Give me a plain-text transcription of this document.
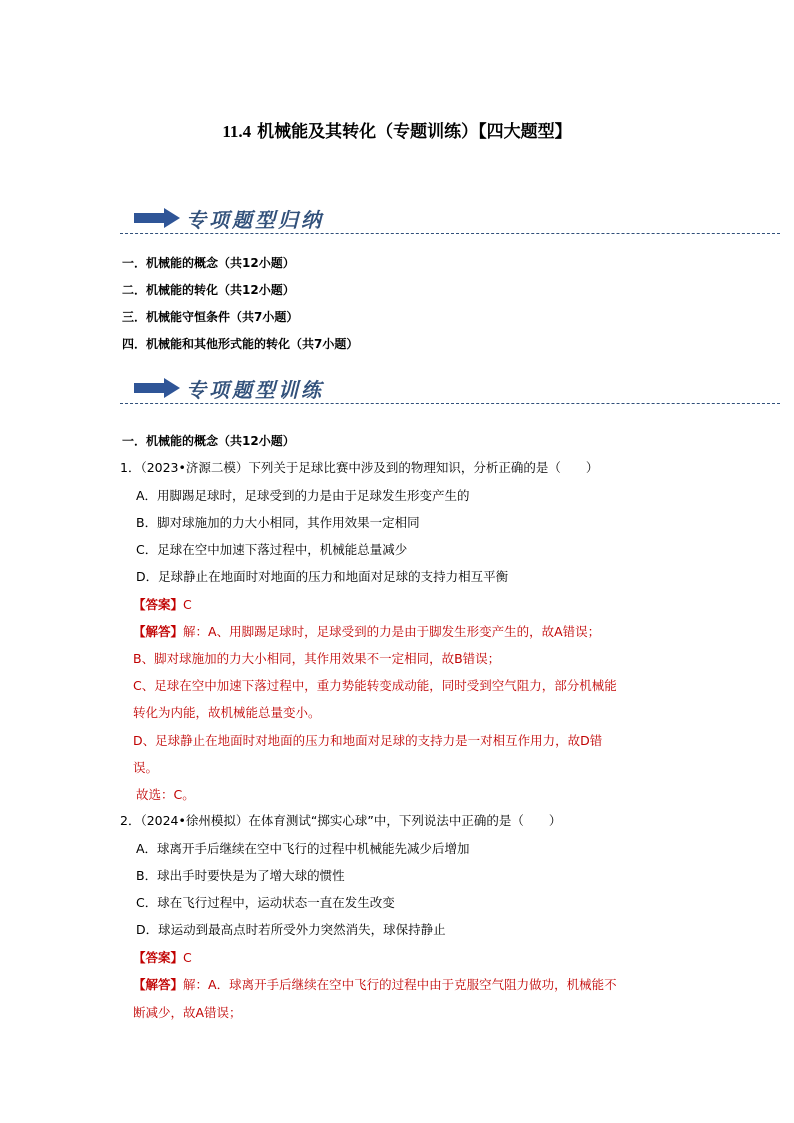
11.4 机械能及其转化（专题训练）【四大题型】
专项题型归纳
一．机械能的概念（共12小题）
二．机械能的转化（共12小题）
三．机械能守恒条件（共7小题）
四．机械能和其他形式能的转化（共7小题）
专项题型训练
一．机械能的概念（共12小题）
1．（2023•济源二模）下列关于足球比赛中涉及到的物理知识，分析正确的是（　　）
A．用脚踢足球时，足球受到的力是由于足球发生形变产生的
B．脚对球施加的力大小相同，其作用效果一定相同
C．足球在空中加速下落过程中，机械能总量减少
D．足球静止在地面时对地面的压力和地面对足球的支持力相互平衡
【答案】C
【解答】解：A、用脚踢足球时，足球受到的力是由于脚发生形变产生的，故A错误；
B、脚对球施加的力大小相同，其作用效果不一定相同，故B错误；
C、足球在空中加速下落过程中，重力势能转变成动能，同时受到空气阻力，部分机械能
转化为内能，故机械能总量变小。
D、足球静止在地面时对地面的压力和地面对足球的支持力是一对相互作用力，故D错
误。
故选：C。
2．（2024•徐州模拟）在体育测试“掷实心球”中，下列说法中正确的是（　　）
A．球离开手后继续在空中飞行的过程中机械能先减少后增加
B．球出手时要快是为了增大球的惯性
C．球在飞行过程中，运动状态一直在发生改变
D．球运动到最高点时若所受外力突然消失，球保持静止
【答案】C
【解答】解：A．球离开手后继续在空中飞行的过程中由于克服空气阻力做功，机械能不
断减少，故A错误；
